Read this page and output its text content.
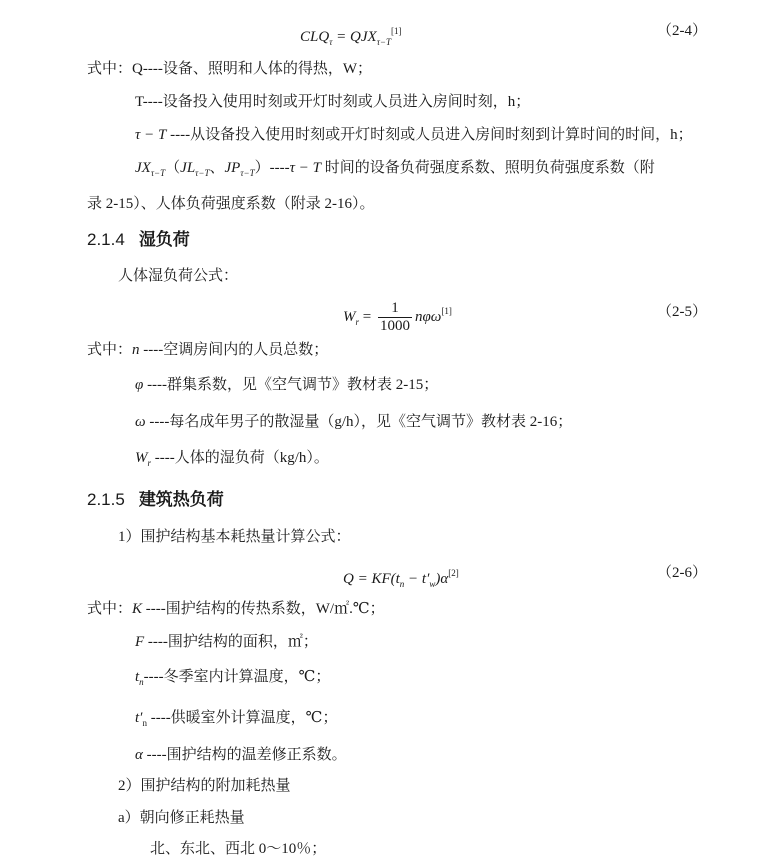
$CLQ_\tau = QJX_{\tau-T}[1]$	（2-4）
式中：Q----设备、照明和人体的得热，W；
T----设备投入使用时刻或开灯时刻或人员进入房间时刻，h；
τ − T ----从设备投入使用时刻或开灯时刻或人员进入房间时刻到计算时间的时间，h；
$JX_{\tau-T}(JL_{\tau-T}$、$JP_{\tau-T})----\tau - T$ 时间的设备负荷强度系数、照明负荷强度系数（附
录 2-15）、人体负荷强度系数（附录 2-16）。
2.1.4 湿负荷
人体湿负荷公式：
$W_r = \frac{1}{1000} n\varphi\omega[1]$	（2-5）
式中：n ----空调房间内的人员总数；
φ ----群集系数，见《空气调节》教材表 2-15；
ω ----每名成年男子的散湿量（g/h），见《空气调节》教材表 2-16；
$W_r$ ----人体的湿负荷（kg/h）。
2.1.5 建筑热负荷
1）围护结构基本耗热量计算公式：
$Q = KF(t_n - t'_w)\alpha[2]$	（2-6）
式中：K ----围护结构的传热系数，W/㎡.℃；
F ----围护结构的面积，㎡；
$t_n----$冬季室内计算温度，℃；
$t'_n$ ----供暖室外计算温度，℃；
α ----围护结构的温差修正系数。
2）围护结构的附加耗热量
a）朝向修正耗热量
北、东北、西北 0～10％；
